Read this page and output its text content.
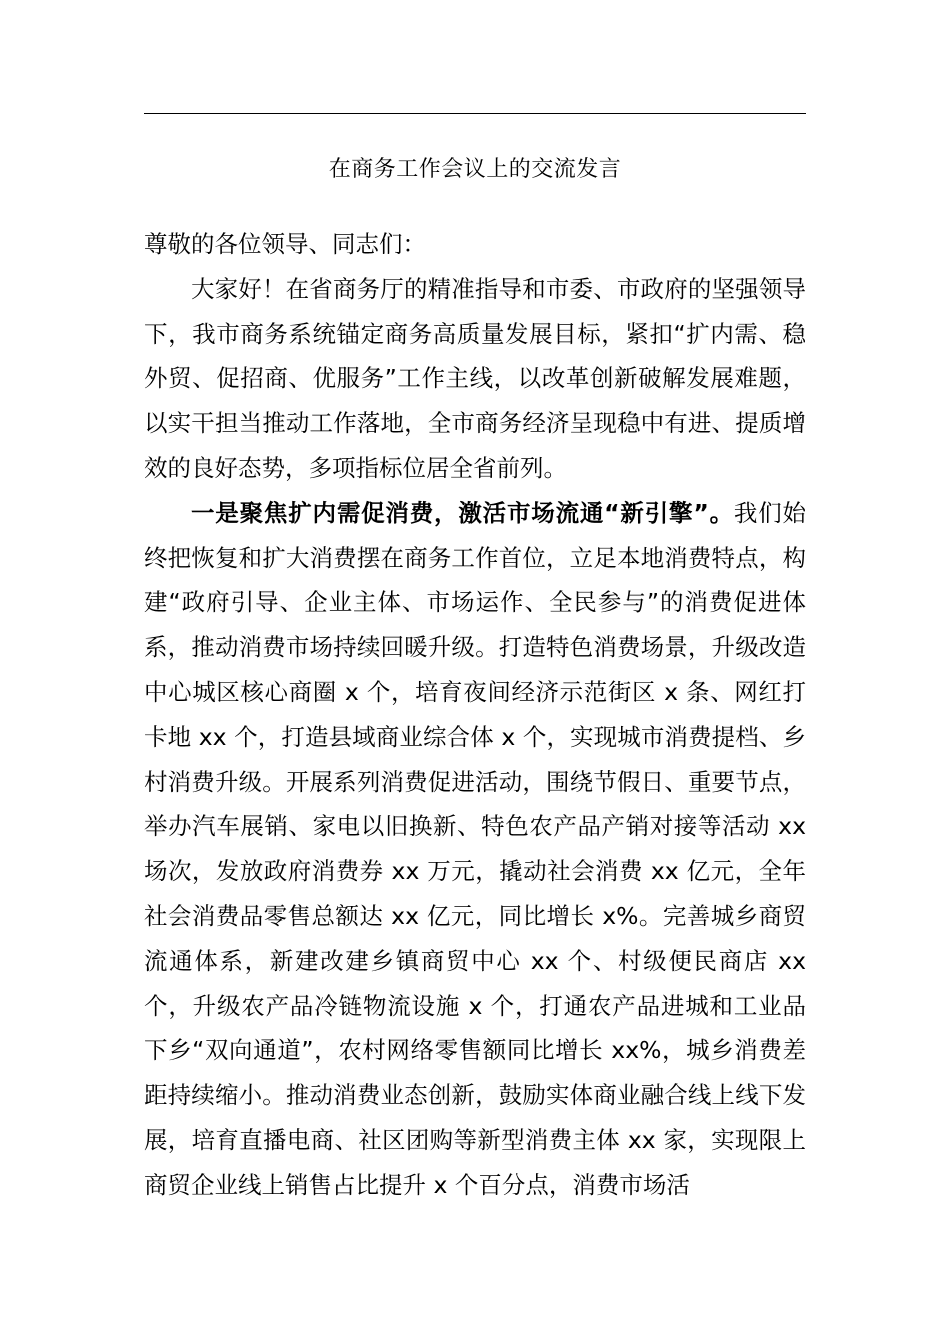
在商务工作会议上的交流发言

尊敬的各位领导、同志们：

大家好！在省商务厅的精准指导和市委、市政府的坚强领导下，我市商务系统锚定商务高质量发展目标，紧扣“扩内需、稳外贸、促招商、优服务”工作主线，以改革创新破解发展难题，以实干担当推动工作落地，全市商务经济呈现稳中有进、提质增效的良好态势，多项指标位居全省前列。

一是聚焦扩内需促消费，激活市场流通“新引擎”。我们始终把恢复和扩大消费摆在商务工作首位，立足本地消费特点，构建“政府引导、企业主体、市场运作、全民参与”的消费促进体系，推动消费市场持续回暖升级。打造特色消费场景，升级改造中心城区核心商圈 x 个，培育夜间经济示范街区 x 条、网红打卡地 xx 个，打造县域商业综合体 x 个，实现城市消费提档、乡村消费升级。开展系列消费促进活动，围绕节假日、重要节点，举办汽车展销、家电以旧换新、特色农产品产销对接等活动 xx 场次，发放政府消费券 xx 万元，撬动社会消费 xx 亿元，全年社会消费品零售总额达 xx 亿元，同比增长 x%。完善城乡商贸流通体系，新建改建乡镇商贸中心 xx 个、村级便民商店 xx 个，升级农产品冷链物流设施 x 个，打通农产品进城和工业品下乡“双向通道”，农村网络零售额同比增长 xx%，城乡消费差距持续缩小。推动消费业态创新，鼓励实体商业融合线上线下发展，培育直播电商、社区团购等新型消费主体 xx 家，实现限上商贸企业线上销售占比提升 x 个百分点，消费市场活
